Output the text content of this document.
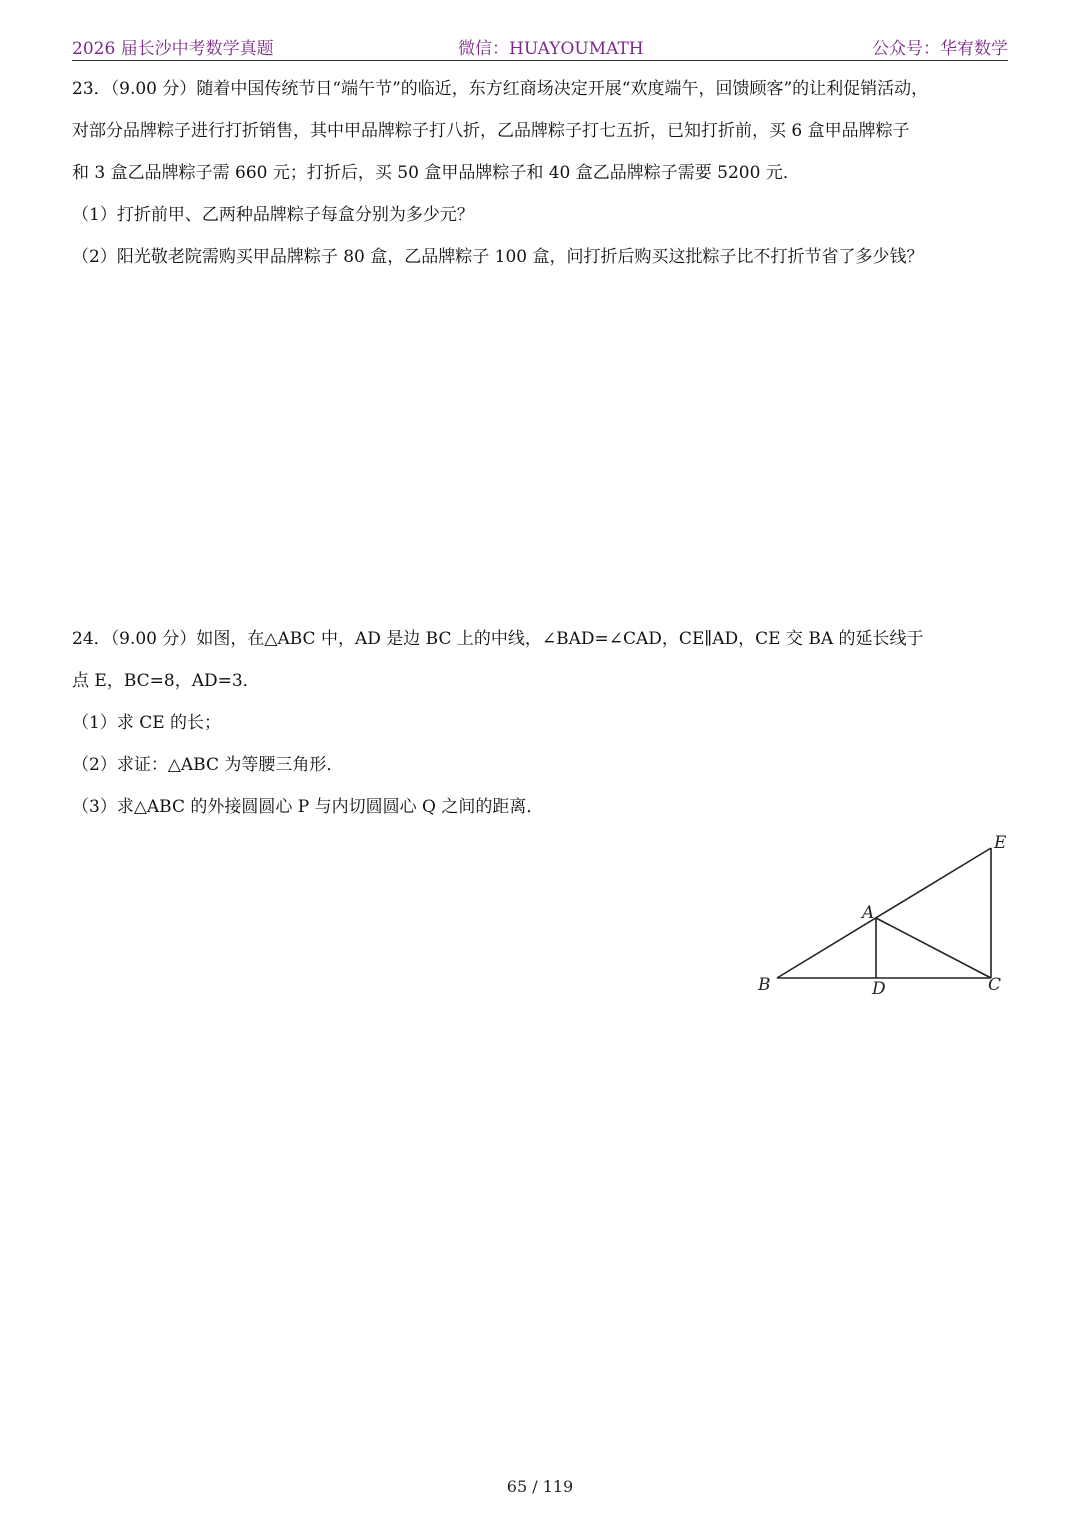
2026 届长沙中考数学真题	微信：HUAYOUMATH	公众号：华宥数学
23．（9.00 分）随着中国传统节日“端午节”的临近，东方红商场决定开展“欢度端午，回馈顾客”的让利促销活动，
对部分品牌粽子进行打折销售，其中甲品牌粽子打八折，乙品牌粽子打七五折，已知打折前，买 6 盒甲品牌粽子
和 3 盒乙品牌粽子需 660 元；打折后，买 50 盒甲品牌粽子和 40 盒乙品牌粽子需要 5200 元．
（1）打折前甲、乙两种品牌粽子每盒分别为多少元？
（2）阳光敬老院需购买甲品牌粽子 80 盒，乙品牌粽子 100 盒，问打折后购买这批粽子比不打折节省了多少钱？
24．（9.00 分）如图，在△ABC 中，AD 是边 BC 上的中线，∠BAD=∠CAD，CE∥AD，CE 交 BA 的延长线于
点 E，BC=8，AD=3．
（1）求 CE 的长；
（2）求证：△ABC 为等腰三角形．
（3）求△ABC 的外接圆圆心 P 与内切圆圆心 Q 之间的距离．
E
A
B	D	C
65 / 119
